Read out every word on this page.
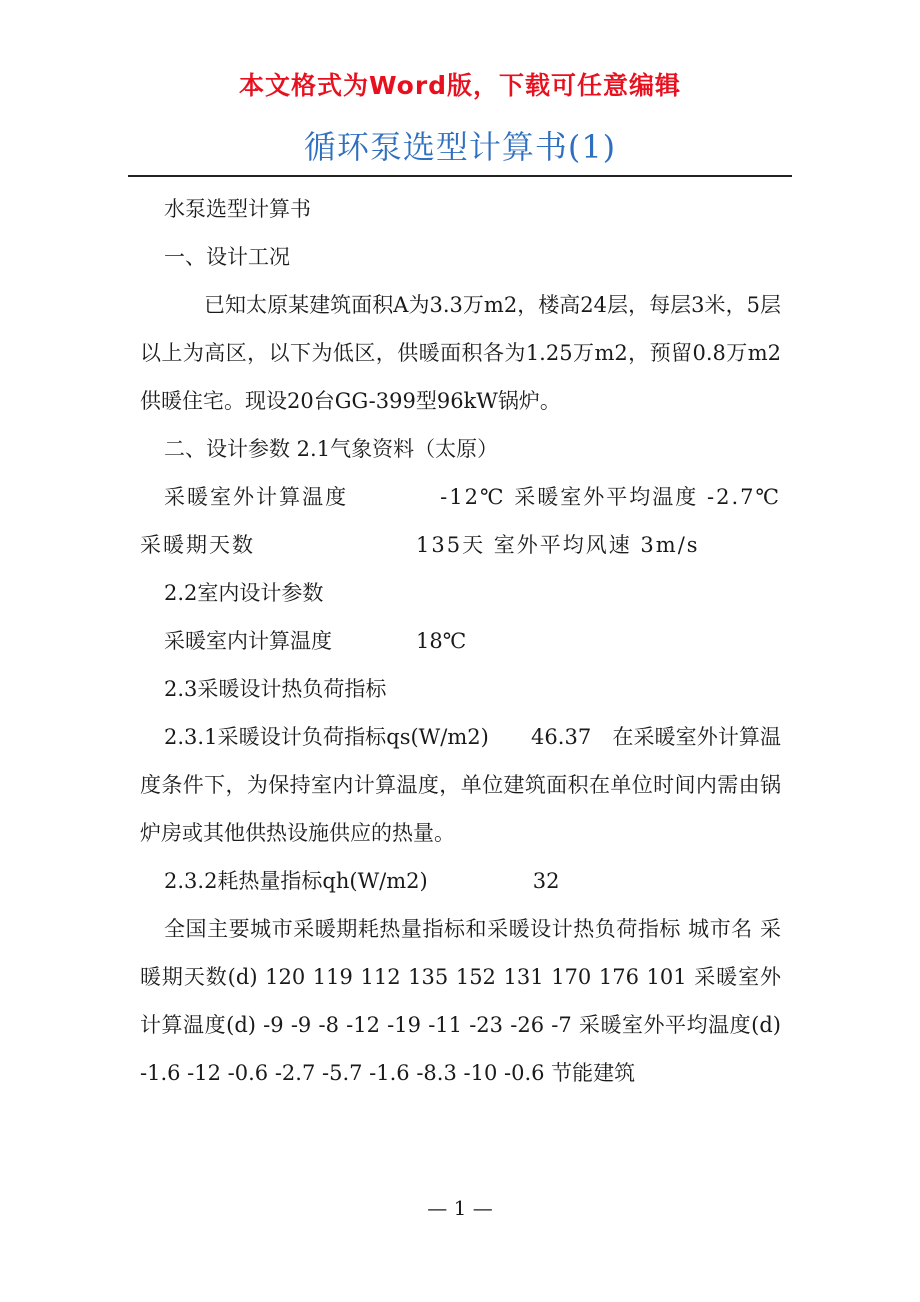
本文格式为Word版，下载可任意编辑
循环泵选型计算书(1)

水泵选型计算书

一、设计工况

已知太原某建筑面积A为3.3万m2，楼高24层，每层3米，5层以上为高区，以下为低区，供暖面积各为1.25万m2，预留0.8万m2供暖住宅。现设20台GG-399型96kW锅炉。

二、设计参数 2.1气象资料（太原）

采暖室外计算温度　　　　-12℃ 采暖室外平均温度 -2.7℃ 采暖期天数　　　　　　　135天 室外平均风速 3m/s

2.2室内设计参数

采暖室内计算温度　　　　18℃

2.3采暖设计热负荷指标

2.3.1采暖设计负荷指标qs(W/m2)　　46.37　在采暖室外计算温度条件下，为保持室内计算温度，单位建筑面积在单位时间内需由锅炉房或其他供热设施供应的热量。

2.3.2耗热量指标qh(W/m2)　　　　　32

全国主要城市采暖期耗热量指标和采暖设计热负荷指标 城市名 采暖期天数(d) 120 119 112 135 152 131 170 176 101 采暖室外 计算温度(d) -9 -9 -8 -12 -19 -11 -23 -26 -7 采暖室外平均温度(d) -1.6 -12 -0.6 -2.7 -5.7 -1.6 -8.3 -10 -0.6 节能建筑

— 1 —
